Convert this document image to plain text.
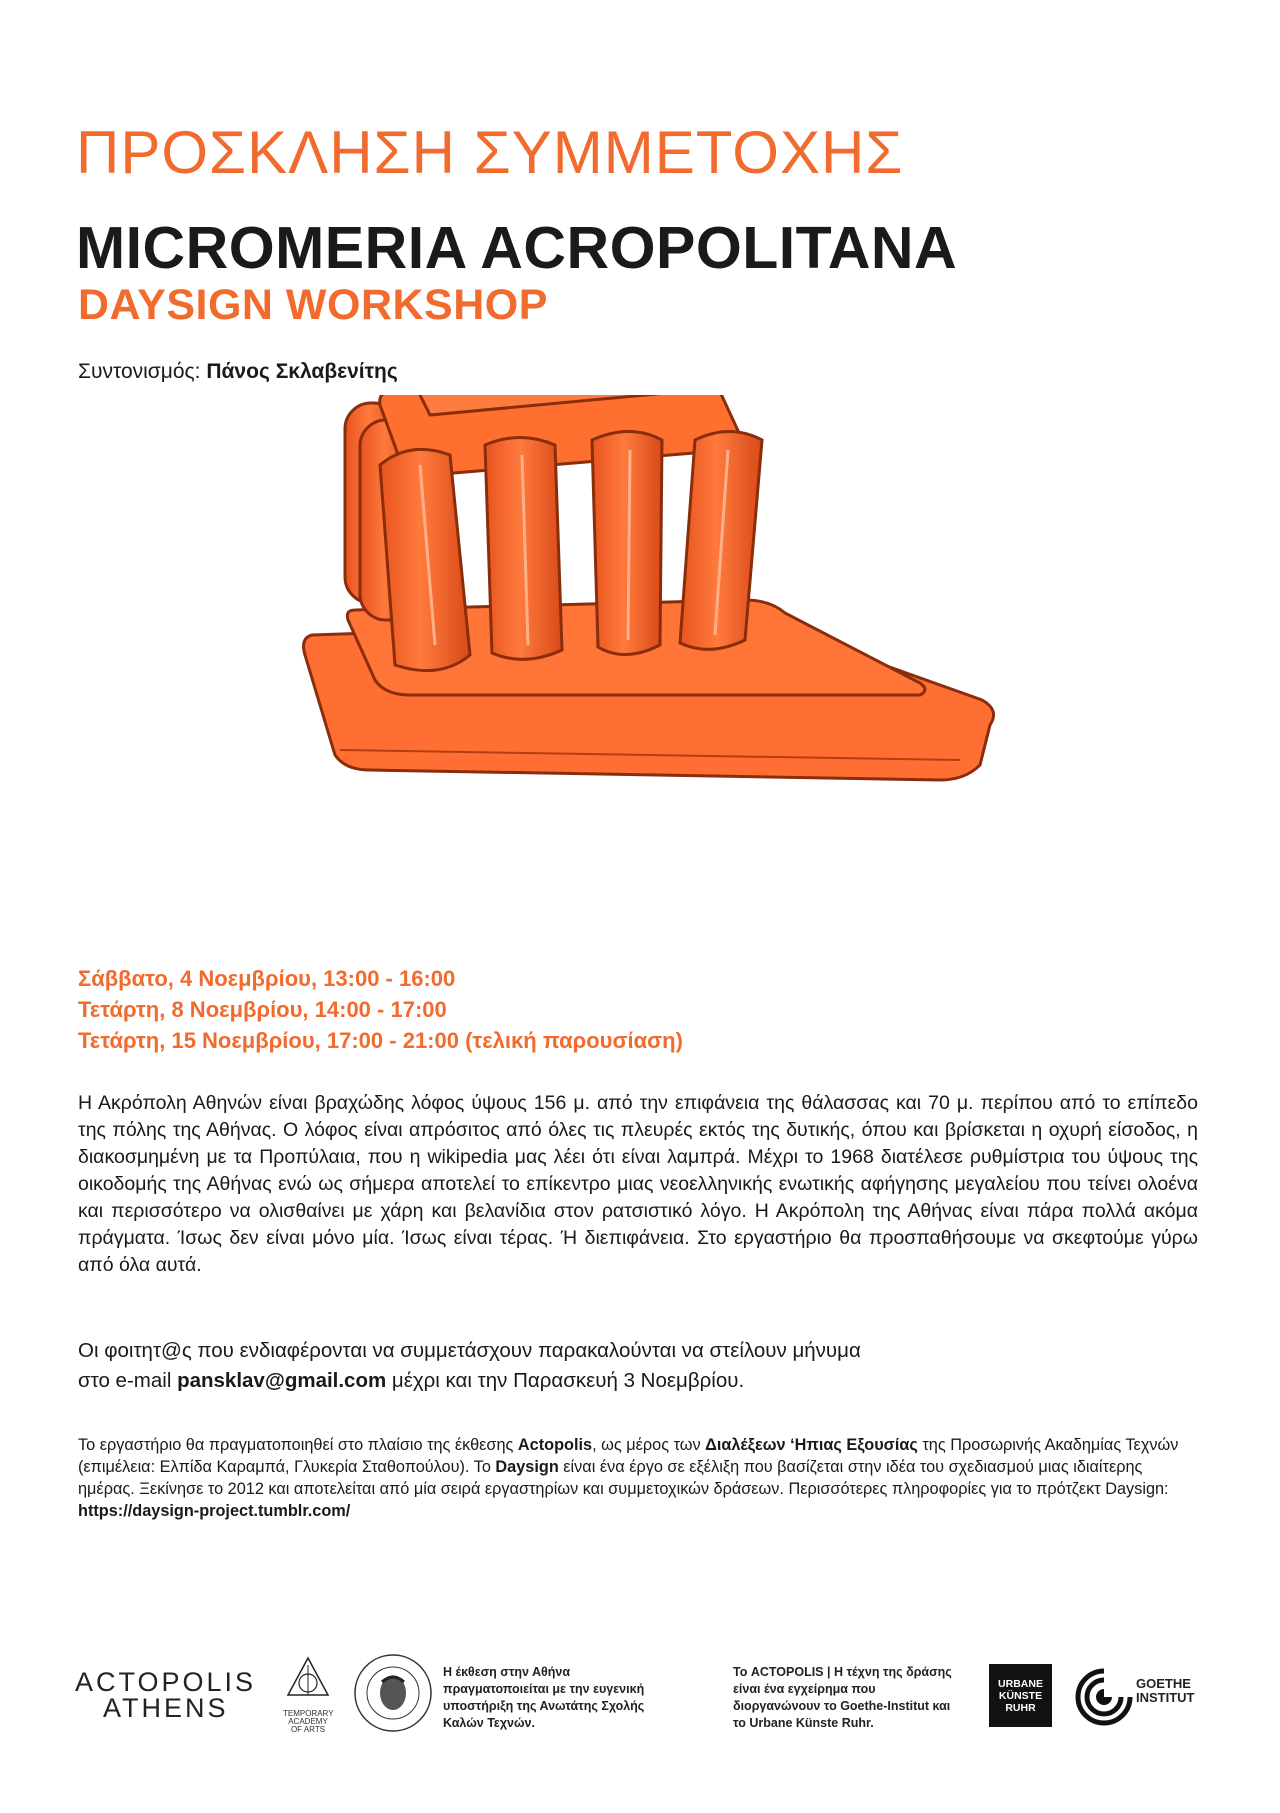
ΠΡΟΣΚΛΗΣΗ ΣΥΜΜΕΤΟΧΗΣ
MICROMERIA ACROPOLITANA
DAYSIGN WORKSHOP
Συντονισμός: Πάνος Σκλαβενίτης
Σάββατο, 4 Νοεμβρίου, 13:00 - 16:00
Τετάρτη, 8 Νοεμβρίου, 14:00 - 17:00
Τετάρτη, 15 Νοεμβρίου, 17:00 - 21:00 (τελική παρουσίαση)
Η Ακρόπολη Αθηνών είναι βραχώδης λόφος ύψους 156 μ. από την επιφάνεια της θάλασσας και 70 μ. περίπου από το επίπεδο της πόλης της Αθήνας. Ο λόφος είναι απρόσιτος από όλες τις πλευρές εκτός της δυτικής, όπου και βρίσκεται η οχυρή είσοδος, η διακοσμημένη με τα Προπύλαια, που η wikipedia μας λέει ότι είναι λαμπρά. Μέχρι το 1968 διατέλεσε ρυθμίστρια του ύψους της οικοδομής της Αθήνας ενώ ως σήμερα αποτελεί το επίκεντρο μιας νεοελληνικής ενωτικής αφήγησης μεγαλείου που τείνει ολοένα και περισσότερο να ολισθαίνει με χάρη και βελανίδια στον ρατσιστικό λόγο. Η Ακρόπολη της Αθήνας είναι πάρα πολλά ακόμα πράγματα. Ίσως δεν είναι μόνο μία. Ίσως είναι τέρας. Ή διεπιφάνεια. Στο εργαστήριο θα προσπαθήσουμε να σκεφτούμε γύρω από όλα αυτά.
Οι φοιτητ@ς που ενδιαφέρονται να συμμετάσχουν παρακαλούνται να στείλουν μήνυμα
στο e-mail pansklav@gmail.com μέχρι και την Παρασκευή 3 Νοεμβρίου.
Το εργαστήριο θα πραγματοποιηθεί στο πλαίσιο της έκθεσης Actopolis, ως μέρος των Διαλέξεων ‘Ηπιας Εξουσίας της Προσωρινής Ακαδημίας Τεχνών (επιμέλεια: Ελπίδα Καραμπά, Γλυκερία Σταθοπούλου). Το Daysign είναι ένα έργο σε εξέλιξη που βασίζεται στην ιδέα του σχεδιασμού μιας ιδιαίτερης ημέρας. Ξεκίνησε το 2012 και αποτελείται από μία σειρά εργαστηρίων και συμμετοχικών δράσεων. Περισσότερες πληροφορίες για το πρότζεκτ Daysign: https://daysign-project.tumblr.com/
ACTOPOLIS
ATHENS	TEMPORARY ACADEMY OF ARTS
Η έκθεση στην Αθήνα πραγματοποιείται με την ευγενική υποστήριξη της Ανωτάτης Σχολής Καλών Τεχνών.
Το ACTOPOLIS | Η τέχνη της δράσης είναι ένα εγχείρημα που διοργανώνουν το Goethe-Institut και το Urbane Künste Ruhr.
URBANE
KÜNSTE
RUHR
GOETHE
INSTITUT
